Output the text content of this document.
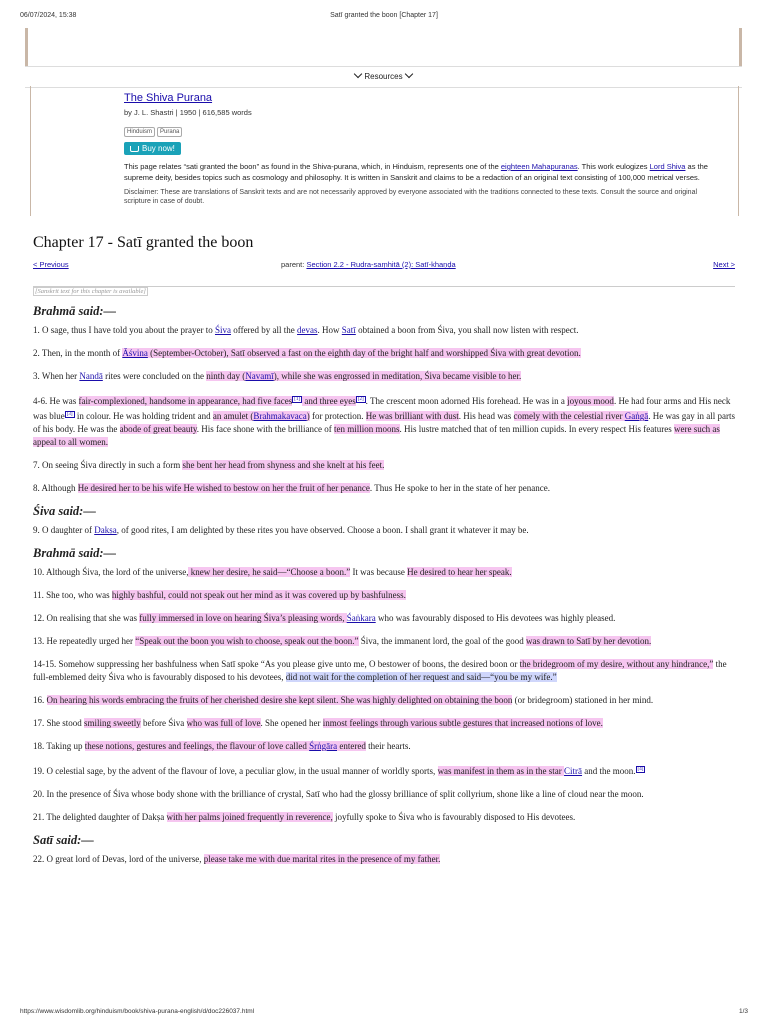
06/07/2024, 15:38	Satī granted the boon [Chapter 17]
Resources
The Shiva Purana
by J. L. Shastri | 1950 | 616,585 words
Hinduism Purana
Buy now!

This page relates “sati granted the boon” as found in the Shiva-purana, which, in Hinduism, represents one of the eighteen Mahapuranas. This work eulogizes Lord Shiva as the supreme deity, besides topics such as cosmology and philosophy. It is written in Sanskrit and claims to be a redaction of an original text consisting of 100,000 metrical verses.

Disclaimer: These are translations of Sanskrit texts and are not necessarily approved by everyone associated with the traditions connected to these texts. Consult the source and original scripture in case of doubt.

Chapter 17 - Satī granted the boon
< Previous	parent: Section 2.2 - Rudra-saṃhitā (2): Satī-khaṇḍa	Next >
[Sanskrit text for this chapter is available]
Brahmā said:—

1. O sage, thus I have told you about the prayer to Śiva offered by all the devas. How Satī obtained a boon from Śiva, you shall now listen with respect.

2. Then, in the month of Āśvina (September-October), Satī observed a fast on the eighth day of the bright half and worshipped Śiva with great devotion.

3. When her Nandā rites were concluded on the ninth day (Navamī), while she was engrossed in meditation, Śiva became visible to her.

4-6. He was fair-complexioned, handsome in appearance, had five faces [1] and three eyes [2] . The crescent moon adorned His forehead. He was in a joyous mood. He had four arms and His neck was blue [3] in colour. He was holding trident and an amulet (Brahmakavaca) for protection. He was brilliant with dust. His head was comely with the celestial river Gaṅgā. He was gay in all parts of his body. He was the abode of great beauty. His face shone with the brilliance of ten million moons. His lustre matched that of ten million cupids. In every respect His features were such as appeal to all women.

7. On seeing Śiva directly in such a form she bent her head from shyness and she knelt at his feet.

8. Although He desired her to be his wife He wished to bestow on her the fruit of her penance. Thus He spoke to her in the state of her penance.

Śiva said:—

9. O daughter of Dakṣa, of good rites, I am delighted by these rites you have observed. Choose a boon. I shall grant it whatever it may be.

Brahmā said:—

10. Although Śiva, the lord of the universe, knew her desire, he said—“Choose a boon.” It was because He desired to hear her speak.

11. She too, who was highly bashful, could not speak out her mind as it was covered up by bashfulness.

12. On realising that she was fully immersed in love on hearing Śiva’s pleasing words, Śaṅkara who was favourably disposed to His devotees was highly pleased.

13. He repeatedly urged her “Speak out the boon you wish to choose, speak out the boon.” Śiva, the immanent lord, the goal of the good was drawn to Satī by her devotion.

14-15. Somehow suppressing her bashfulness when Satī spoke “As you please give unto me, O bestower of boons, the desired boon or the bridegroom of my desire, without any hindrance,” the full-emblemed deity Śiva who is favourably disposed to his devotees, did not wait for the completion of her request and said—“you be my wife.”

16. On hearing his words embracing the fruits of her cherished desire she kept silent. She was highly delighted on obtaining the boon (or bridegroom) stationed in her mind.

17. She stood smiling sweetly before Śiva who was full of love. She opened her inmost feelings through various subtle gestures that increased notions of love.

18. Taking up these notions, gestures and feelings, the flavour of love called Śṛṅgāra entered their hearts.

19. O celestial sage, by the advent of the flavour of love, a peculiar glow, in the usual manner of worldly sports, was manifest in them as in the star Citrā and the moon. [4]

20. In the presence of Śiva whose body shone with the brilliance of crystal, Satī who had the glossy brilliance of split collyrium, shone like a line of cloud near the moon.

21. The delighted daughter of Dakṣa with her palms joined frequently in reverence, joyfully spoke to Śiva who is favourably disposed to His devotees.

Satī said:—

22. O great lord of Devas, lord of the universe, please take me with due marital rites in the presence of my father.

https://www.wisdomlib.org/hinduism/book/shiva-purana-english/d/doc226037.html	1/3
